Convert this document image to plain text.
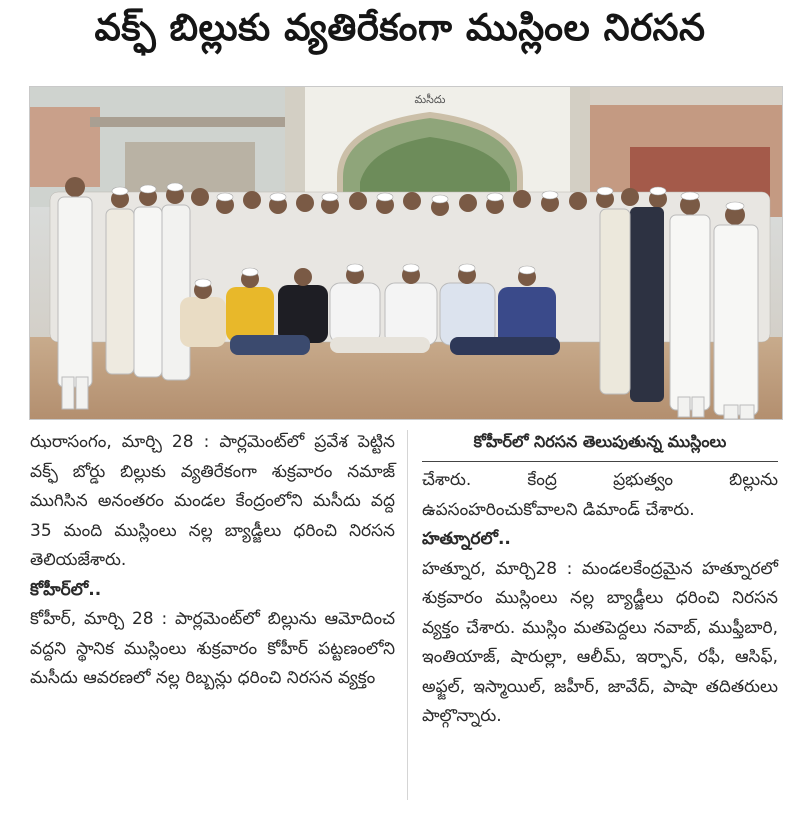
వక్ఫ్ బిల్లుకు వ్యతిరేకంగా ముస్లింల నిరసన
మసీదు

ఝరాసంగం, మార్చి 28 : పార్లమెంట్‌లో ప్రవేశ పెట్టిన వక్ఫ్ బోర్డు బిల్లుకు వ్యతిరేకంగా శుక్రవారం నమాజ్ ముగిసిన అనంతరం మండల కేంద్రంలోని మసీదు వద్ద 35 మంది ముస్లింలు నల్ల బ్యాడ్జీలు ధరించి నిరసన తెలియజేశారు.

కోహీర్‌లో..

కోహీర్, మార్చి 28 : పార్లమెంట్‌లో బిల్లును ఆమోదించ వద్దని స్థానిక ముస్లింలు శుక్రవారం కోహీర్ పట్టణంలోని మసీదు ఆవరణలో నల్ల రిబ్బన్లు ధరించి నిరసన వ్యక్తం

కోహీర్‌లో నిరసన తెలుపుతున్న ముస్లింలు

చేశారు. కేంద్ర ప్రభుత్వం బిల్లును ఉపసంహరించుకోవాలని డిమాండ్ చేశారు.

హత్నూరలో..

హత్నూర, మార్చి28 : మండలకేంద్రమైన హత్నూరలో శుక్రవారం ముస్లింలు నల్ల బ్యాడ్జీలు ధరించి నిరసన వ్యక్తం చేశారు. ముస్లిం మతపెద్దలు నవాబ్, ముఫ్తీబారి, ఇంతియాజ్, షారుల్లా, ఆలీమ్, ఇర్ఫాన్, రఫీ, ఆసిఫ్, అఫ్జల్, ఇస్మాయిల్, జహీర్, జావేద్, పాషా తదితరులు పాల్గొన్నారు.
